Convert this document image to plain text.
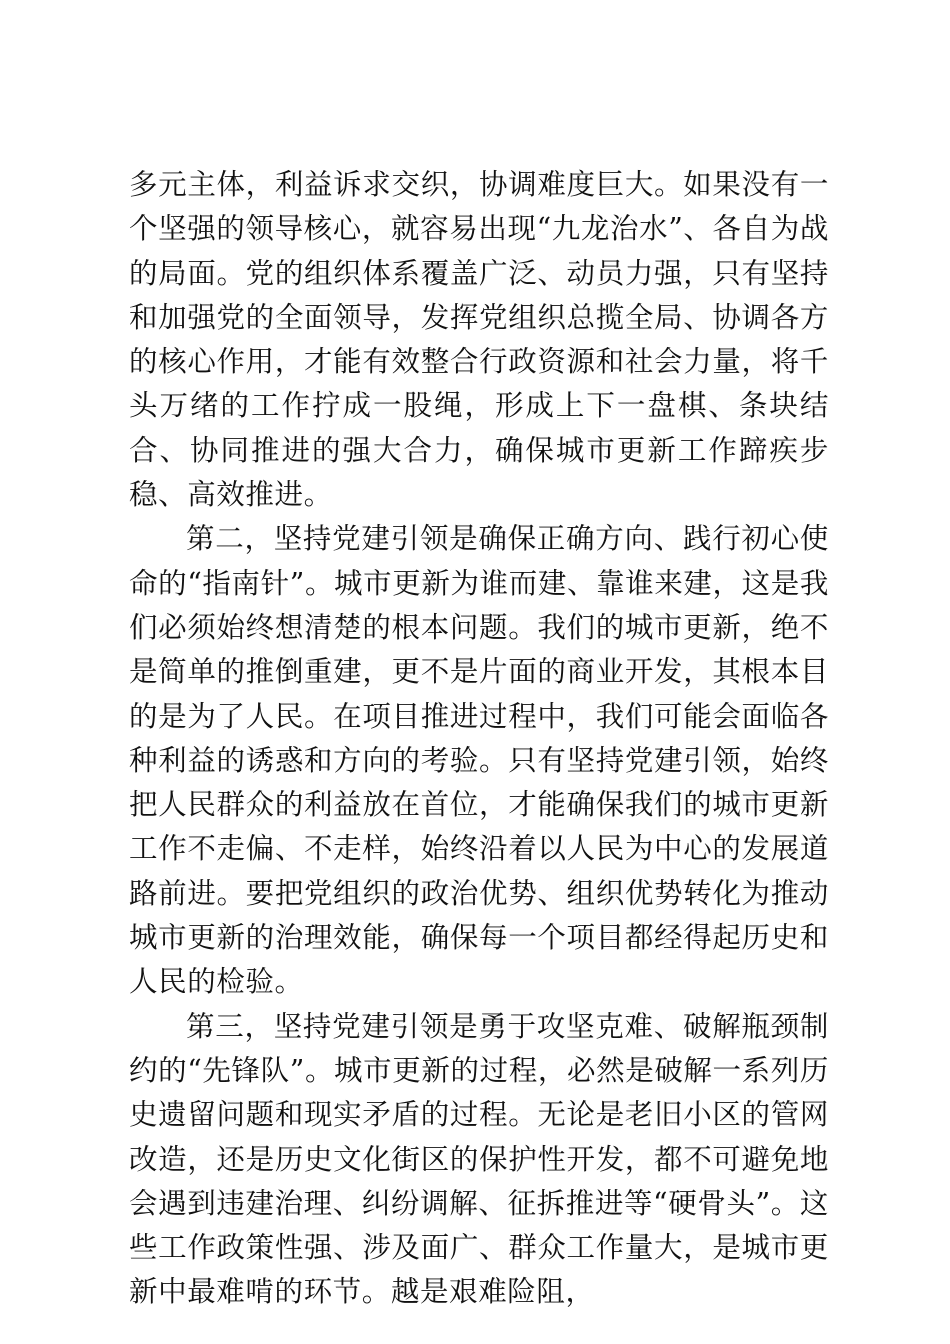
多元主体，利益诉求交织，协调难度巨大。如果没有一个坚强的领导核心，就容易出现“九龙治水”、各自为战的局面。党的组织体系覆盖广泛、动员力强，只有坚持和加强党的全面领导，发挥党组织总揽全局、协调各方的核心作用，才能有效整合行政资源和社会力量，将千头万绪的工作拧成一股绳，形成上下一盘棋、条块结合、协同推进的强大合力，确保城市更新工作蹄疾步稳、高效推进。

第二，坚持党建引领是确保正确方向、践行初心使命的“指南针”。城市更新为谁而建、靠谁来建，这是我们必须始终想清楚的根本问题。我们的城市更新，绝不是简单的推倒重建，更不是片面的商业开发，其根本目的是为了人民。在项目推进过程中，我们可能会面临各种利益的诱惑和方向的考验。只有坚持党建引领，始终把人民群众的利益放在首位，才能确保我们的城市更新工作不走偏、不走样，始终沿着以人民为中心的发展道路前进。要把党组织的政治优势、组织优势转化为推动城市更新的治理效能，确保每一个项目都经得起历史和人民的检验。

第三，坚持党建引领是勇于攻坚克难、破解瓶颈制约的“先锋队”。城市更新的过程，必然是破解一系列历史遗留问题和现实矛盾的过程。无论是老旧小区的管网改造，还是历史文化街区的保护性开发，都不可避免地会遇到违建治理、纠纷调解、征拆推进等“硬骨头”。这些工作政策性强、涉及面广、群众工作量大，是城市更新中最难啃的环节。越是艰难险阻，
